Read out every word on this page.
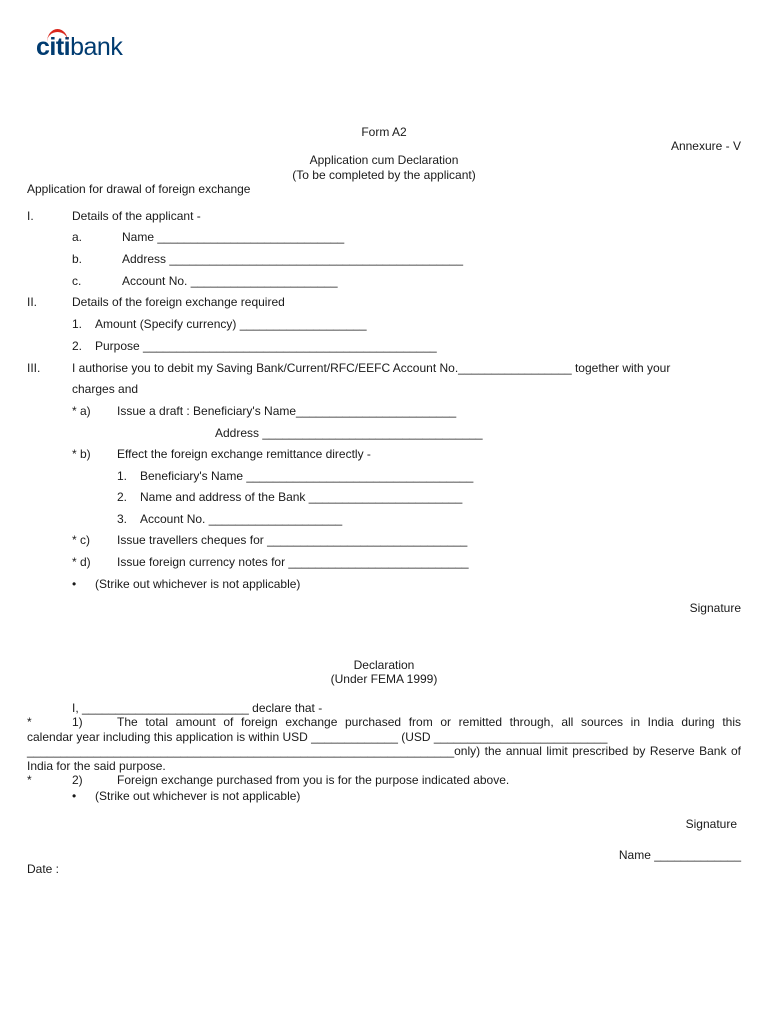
citibank
Form A2
Annexure - V
Application cum Declaration
(To be completed by the applicant)
Application for drawal of foreign exchange
I.	Details of the applicant -
a.	Name ____________________________
b.	Address ____________________________________________
c.	Account No. ______________________
II.	Details of the foreign exchange required
1. Amount (Specify currency) ___________________
2. Purpose ____________________________________________
III.	I authorise you to debit my Saving Bank/Current/RFC/EEFC Account No._________________ together with your
charges and
* a) Issue a draft : Beneficiary's Name________________________
Address _________________________________
* b) Effect the foreign exchange remittance directly -
1. Beneficiary's Name __________________________________
2. Name and address of the Bank _______________________
3. Account No. ____________________
* c) Issue travellers cheques for ______________________________
* d) Issue foreign currency notes for ___________________________
• (Strike out whichever is not applicable)
Signature
Declaration
(Under FEMA 1999)
I, _________________________ declare that -
*	1)	The total amount of foreign exchange purchased from or remitted through, all sources in India during this
calendar year including this application is within USD _____________ (USD __________________________
________________________________________________________________only) the annual limit prescribed by Reserve Bank of
India for the said purpose.
*	2)	Foreign exchange purchased from you is for the purpose indicated above.
• (Strike out whichever is not applicable)
Signature
Name _____________
Date :
